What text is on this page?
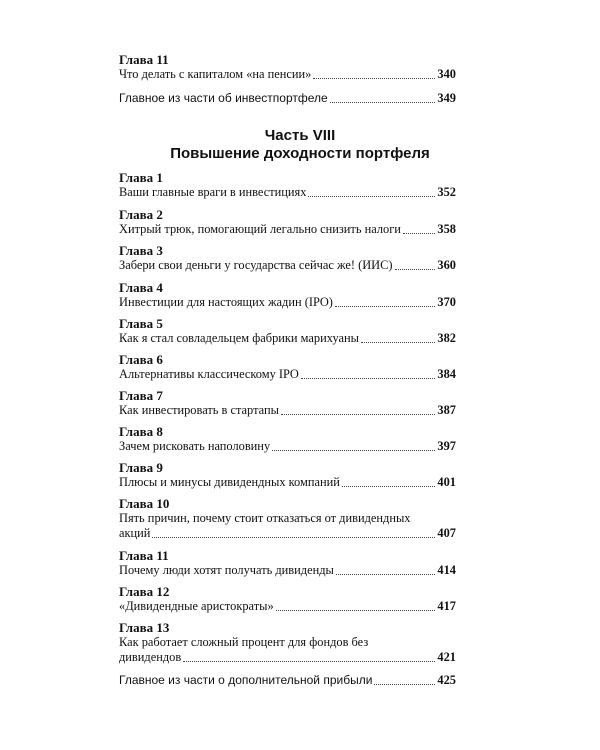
Глава 11
Что делать с капиталом «на пенсии»	340
Главное из части об инвестпортфеле	349
Часть VIII
Повышение доходности портфеля
Глава 1
Ваши главные враги в инвестициях	352
Глава 2
Хитрый трюк, помогающий легально снизить налоги	358
Глава 3
Забери свои деньги у государства сейчас же! (ИИС)	360
Глава 4
Инвестиции для настоящих жадин (IPO)	370
Глава 5
Как я стал совладельцем фабрики марихуаны	382
Глава 6
Альтернативы классическому IPO	384
Глава 7
Как инвестировать в стартапы	387
Глава 8
Зачем рисковать наполовину	397
Глава 9
Плюсы и минусы дивидендных компаний	401
Глава 10
Пять причин, почему стоит отказаться от дивидендных
акций	407
Глава 11
Почему люди хотят получать дивиденды	414
Глава 12
«Дивидендные аристократы»	417
Глава 13
Как работает сложный процент для фондов без
дивидендов	421
Главное из части о дополнительной прибыли	425
